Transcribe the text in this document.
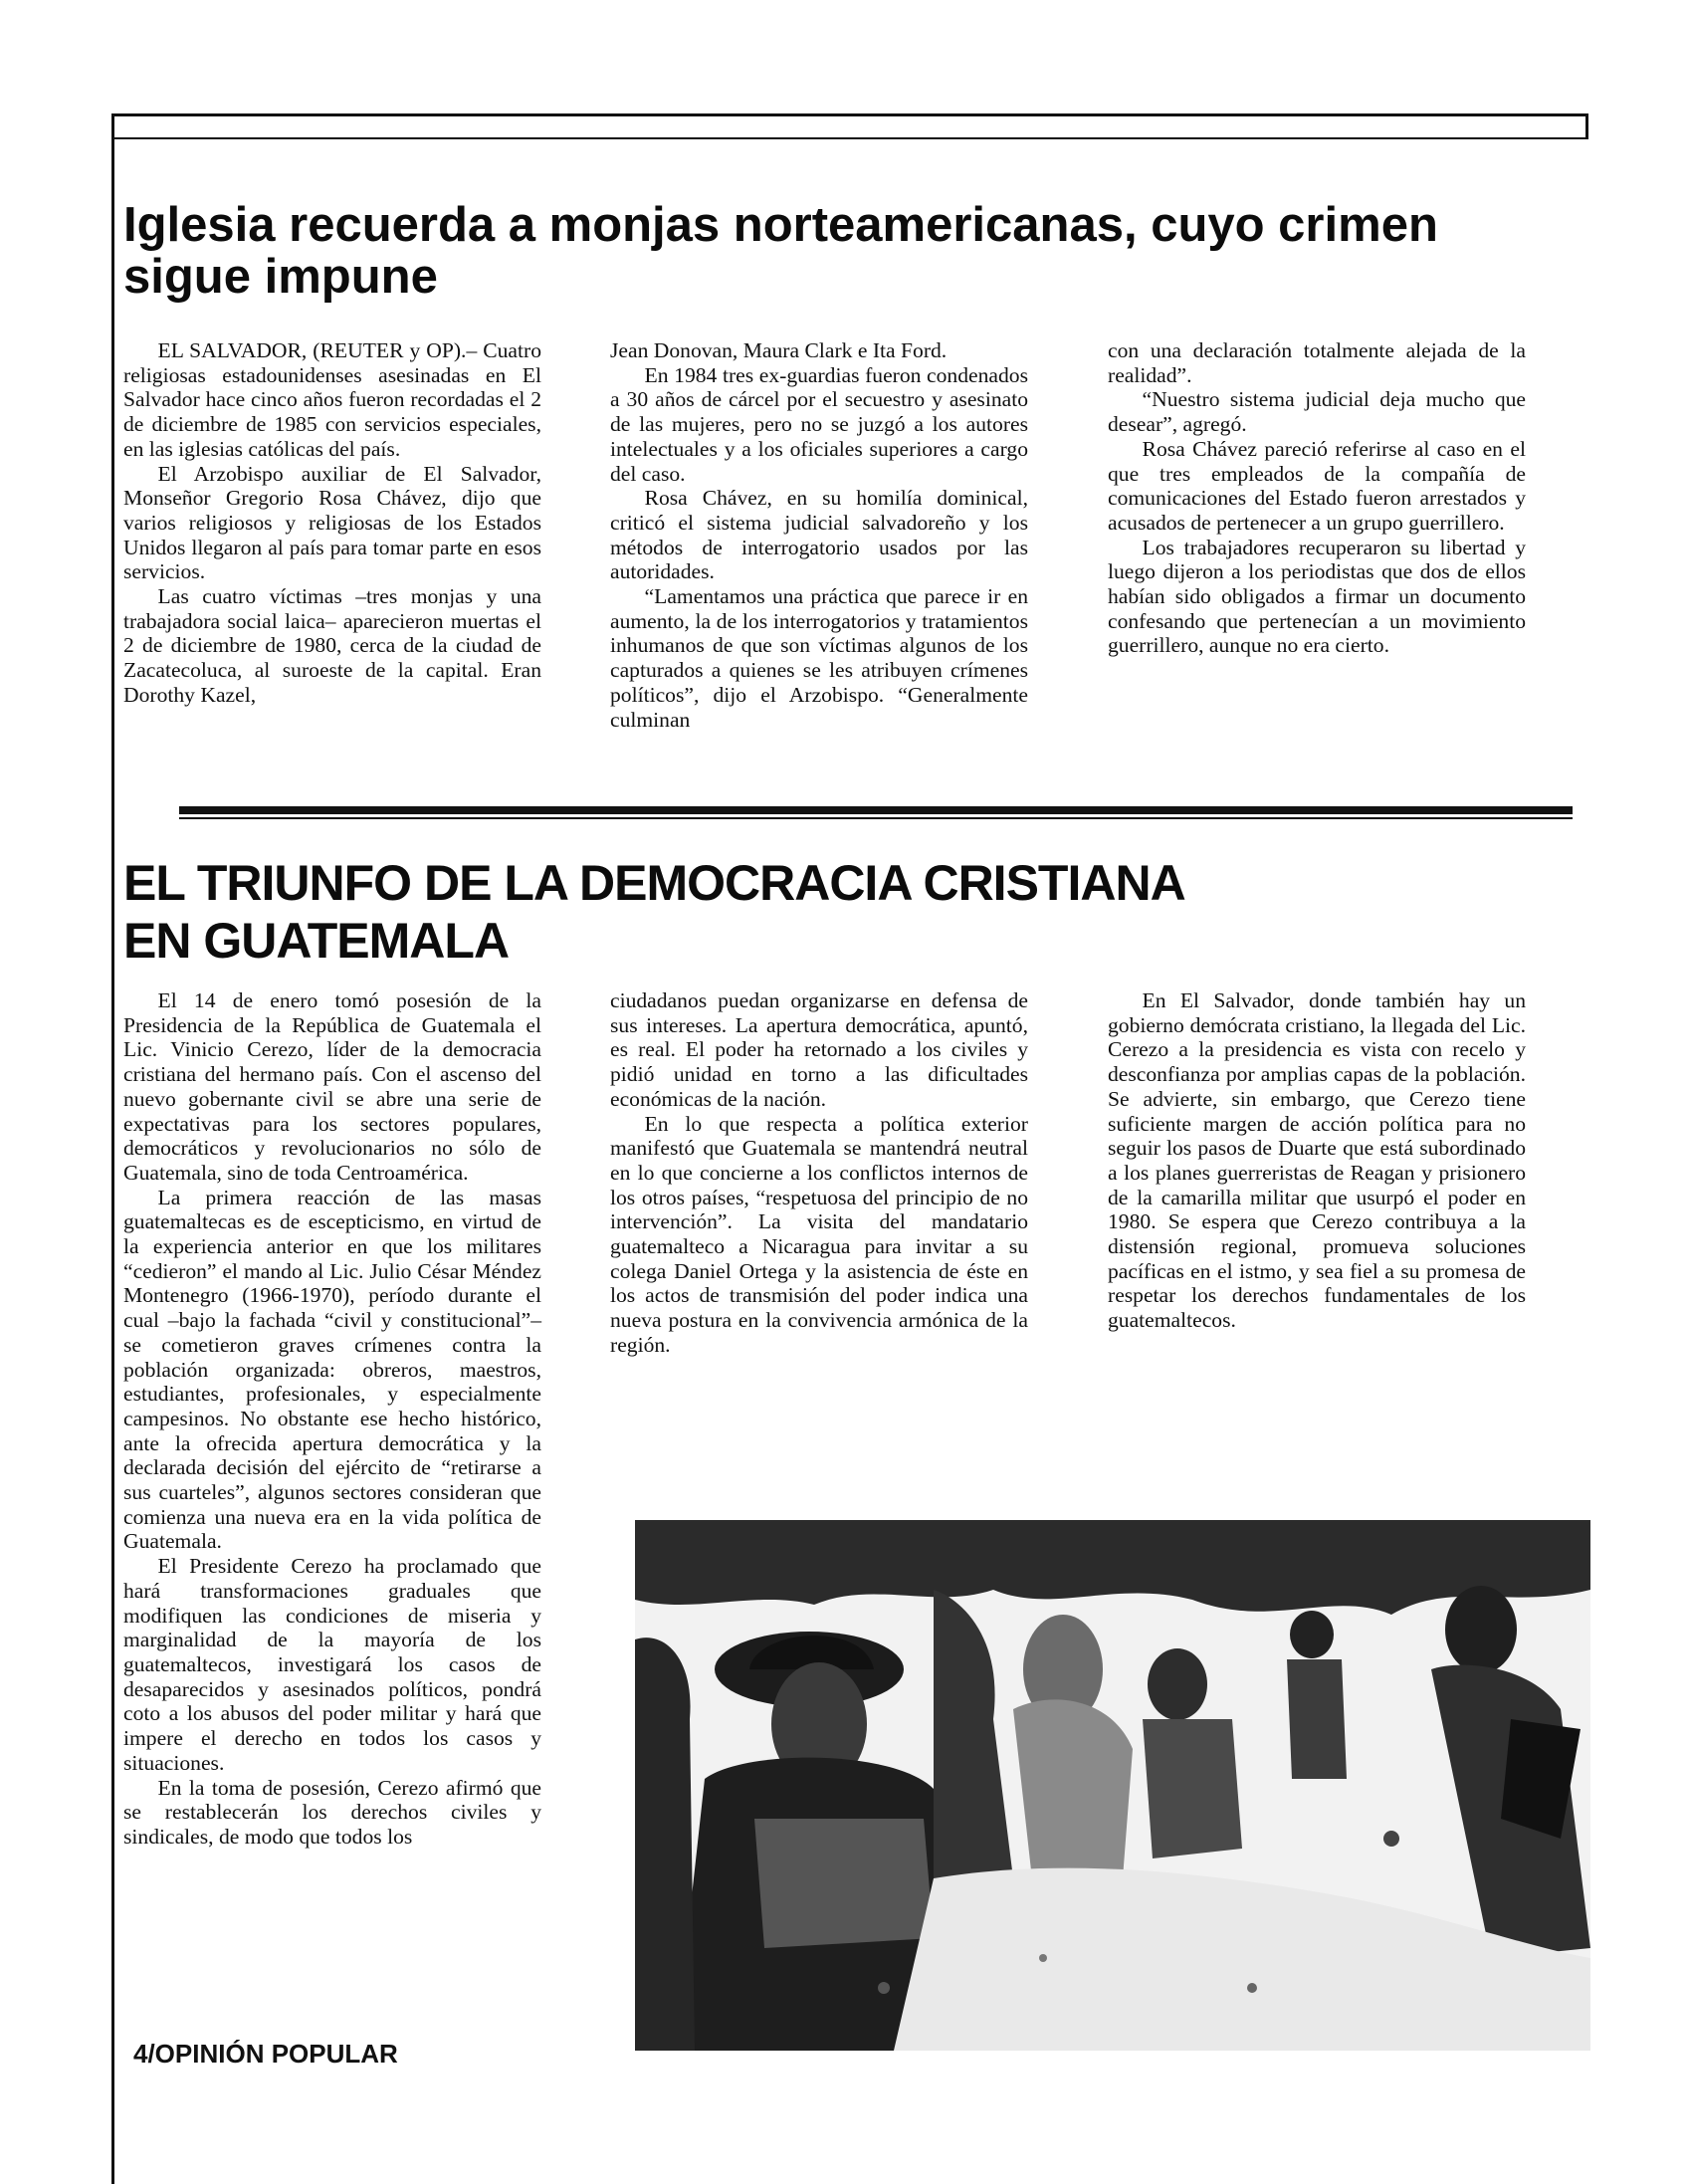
Iglesia recuerda a monjas norteamericanas, cuyo crimen sigue impune

EL SALVADOR, (REUTER y OP).– Cuatro religiosas estadounidenses asesinadas en El Salvador hace cinco años fueron recordadas el 2 de diciembre de 1985 con servicios especiales, en las iglesias católicas del país.

El Arzobispo auxiliar de El Salvador, Monseñor Gregorio Rosa Chávez, dijo que varios religiosos y religiosas de los Estados Unidos llegaron al país para tomar parte en esos servicios.

Las cuatro víctimas –tres monjas y una trabajadora social laica– aparecieron muertas el 2 de diciembre de 1980, cerca de la ciudad de Zacatecoluca, al suroeste de la capital. Eran Dorothy Kazel,

Jean Donovan, Maura Clark e Ita Ford.

En 1984 tres ex-guardias fueron condenados a 30 años de cárcel por el secuestro y asesinato de las mujeres, pero no se juzgó a los autores intelectuales y a los oficiales superiores a cargo del caso.

Rosa Chávez, en su homilía dominical, criticó el sistema judicial salvadoreño y los métodos de interrogatorio usados por las autoridades.

“Lamentamos una práctica que parece ir en aumento, la de los interrogatorios y tratamientos inhumanos de que son víctimas algunos de los capturados a quienes se les atribuyen crímenes políticos”, dijo el Arzobispo. “Generalmente culminan

con una declaración totalmente alejada de la realidad”.

“Nuestro sistema judicial deja mucho que desear”, agregó.

Rosa Chávez pareció referirse al caso en el que tres empleados de la compañía de comunicaciones del Estado fueron arrestados y acusados de pertenecer a un grupo guerrillero.

Los trabajadores recuperaron su libertad y luego dijeron a los periodistas que dos de ellos habían sido obligados a firmar un documento confesando que pertenecían a un movimiento guerrillero, aunque no era cierto.

EL TRIUNFO DE LA DEMOCRACIA CRISTIANA
EN GUATEMALA

El 14 de enero tomó posesión de la Presidencia de la República de Guatemala el Lic. Vinicio Cerezo, líder de la democracia cristiana del hermano país. Con el ascenso del nuevo gobernante civil se abre una serie de expectativas para los sectores populares, democráticos y revolucionarios no sólo de Guatemala, sino de toda Centroamérica.

La primera reacción de las masas guatemaltecas es de escepticismo, en virtud de la experiencia anterior en que los militares “cedieron” el mando al Lic. Julio César Méndez Montenegro (1966-1970), período durante el cual –bajo la fachada “civil y constitucional”– se cometieron graves crímenes contra la población organizada: obreros, maestros, estudiantes, profesionales, y especialmente campesinos. No obstante ese hecho histórico, ante la ofrecida apertura democrática y la declarada decisión del ejército de “retirarse a sus cuarteles”, algunos sectores consideran que comienza una nueva era en la vida política de Guatemala.

El Presidente Cerezo ha proclamado que hará transformaciones graduales que modifiquen las condiciones de miseria y marginalidad de la mayoría de los guatemaltecos, investigará los casos de desaparecidos y asesinados políticos, pondrá coto a los abusos del poder militar y hará que impere el derecho en todos los casos y situaciones.

En la toma de posesión, Cerezo afirmó que se restablecerán los derechos civiles y sindicales, de modo que todos los

ciudadanos puedan organizarse en defensa de sus intereses. La apertura democrática, apuntó, es real. El poder ha retornado a los civiles y pidió unidad en torno a las dificultades económicas de la nación.

En lo que respecta a política exterior manifestó que Guatemala se mantendrá neutral en lo que concierne a los conflictos internos de los otros países, “respetuosa del principio de no intervención”. La visita del mandatario guatemalteco a Nicaragua para invitar a su colega Daniel Ortega y la asistencia de éste en los actos de transmisión del poder indica una nueva postura en la convivencia armónica de la región.

En El Salvador, donde también hay un gobierno demócrata cristiano, la llegada del Lic. Cerezo a la presidencia es vista con recelo y desconfianza por amplias capas de la población. Se advierte, sin embargo, que Cerezo tiene suficiente margen de acción política para no seguir los pasos de Duarte que está subordinado a los planes guerreristas de Reagan y prisionero de la camarilla militar que usurpó el poder en 1980. Se espera que Cerezo contribuya a la distensión regional, promueva soluciones pacíficas en el istmo, y sea fiel a su promesa de respetar los derechos fundamentales de los guatemaltecos.

4/OPINIÓN POPULAR
